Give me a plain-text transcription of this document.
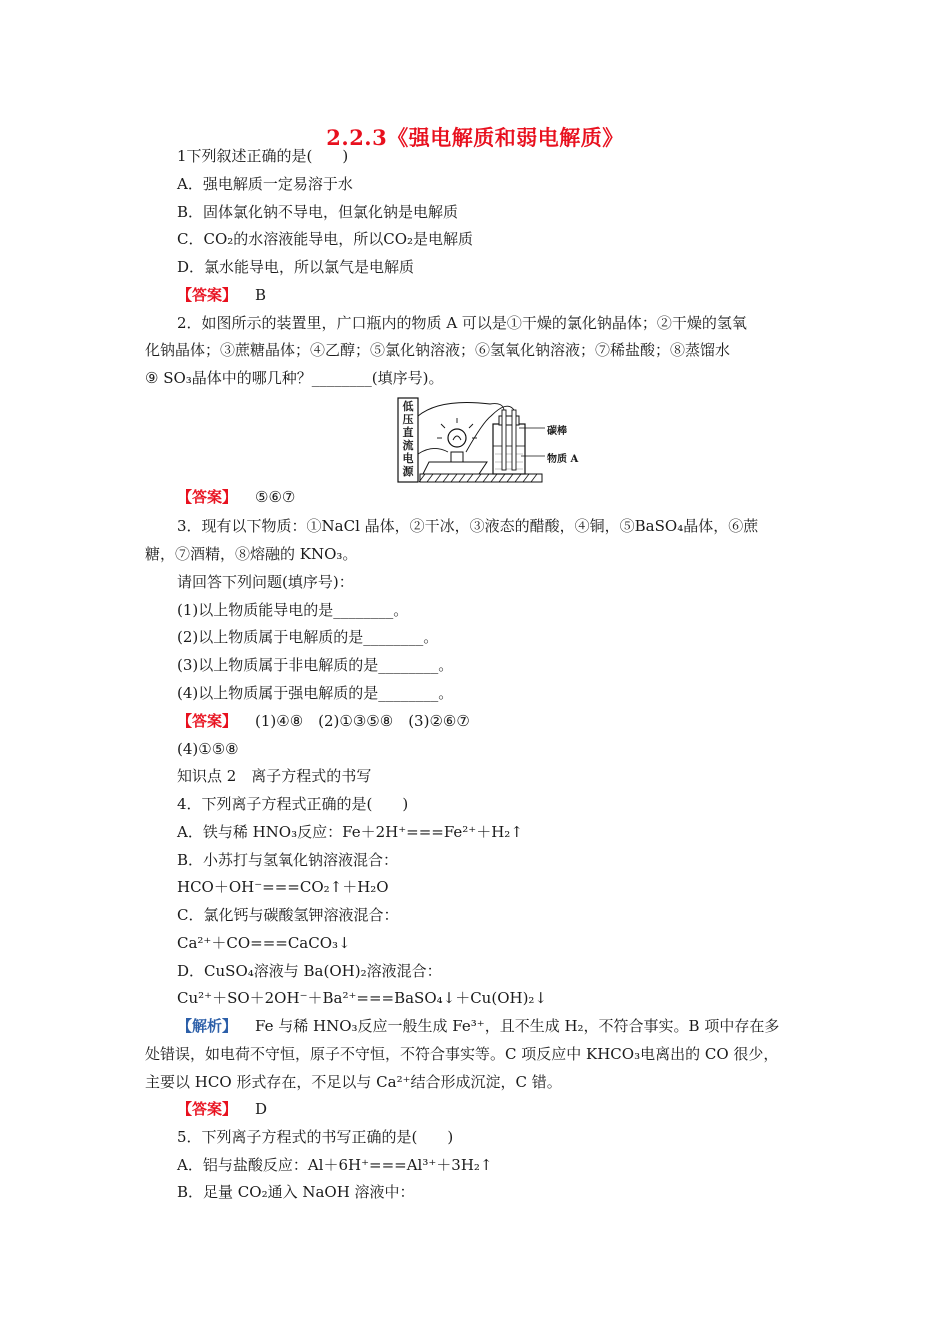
2.2.3《强电解质和弱电解质》
1下列叙述正确的是(　　)
A．强电解质一定易溶于水
B．固体氯化钠不导电，但氯化钠是电解质
C．CO₂的水溶液能导电，所以CO₂是电解质
D．氯水能导电，所以氯气是电解质
【答案】 B
2．如图所示的装置里，广口瓶内的物质 A 可以是①干燥的氯化钠晶体；②干燥的氢氧
化钠晶体；③蔗糖晶体；④乙醇；⑤氯化钠溶液；⑥氢氧化钠溶液；⑦稀盐酸；⑧蒸馏水
⑨ SO₃晶体中的哪几种？________(填序号)。
低压直流电源
碳棒
物质 A
【答案】 ⑤⑥⑦
3．现有以下物质：①NaCl 晶体，②干冰，③液态的醋酸，④铜，⑤BaSO₄晶体，⑥蔗
糖，⑦酒精，⑧熔融的 KNO₃。
请回答下列问题(填序号)：
(1)以上物质能导电的是________。
(2)以上物质属于电解质的是________。
(3)以上物质属于非电解质的是________。
(4)以上物质属于强电解质的是________。
【答案】 (1)④⑧　(2)①③⑤⑧　(3)②⑥⑦
(4)①⑤⑧
知识点 2　离子方程式的书写
4．下列离子方程式正确的是(　　)
A．铁与稀 HNO₃反应：Fe＋2H⁺===Fe²⁺＋H₂↑
B．小苏打与氢氧化钠溶液混合：
HCO＋OH⁻===CO₂↑＋H₂O
C．氯化钙与碳酸氢钾溶液混合：
Ca²⁺＋CO===CaCO₃↓
D．CuSO₄溶液与 Ba(OH)₂溶液混合：
Cu²⁺＋SO＋2OH⁻＋Ba²⁺===BaSO₄↓＋Cu(OH)₂↓
【解析】 Fe 与稀 HNO₃反应一般生成 Fe³⁺，且不生成 H₂，不符合事实。B 项中存在多
处错误，如电荷不守恒，原子不守恒，不符合事实等。C 项反应中 KHCO₃电离出的 CO 很少，
主要以 HCO 形式存在，不足以与 Ca²⁺结合形成沉淀，C 错。
【答案】 D
5．下列离子方程式的书写正确的是(　　)
A．铝与盐酸反应：Al＋6H⁺===Al³⁺＋3H₂↑
B．足量 CO₂通入 NaOH 溶液中：
